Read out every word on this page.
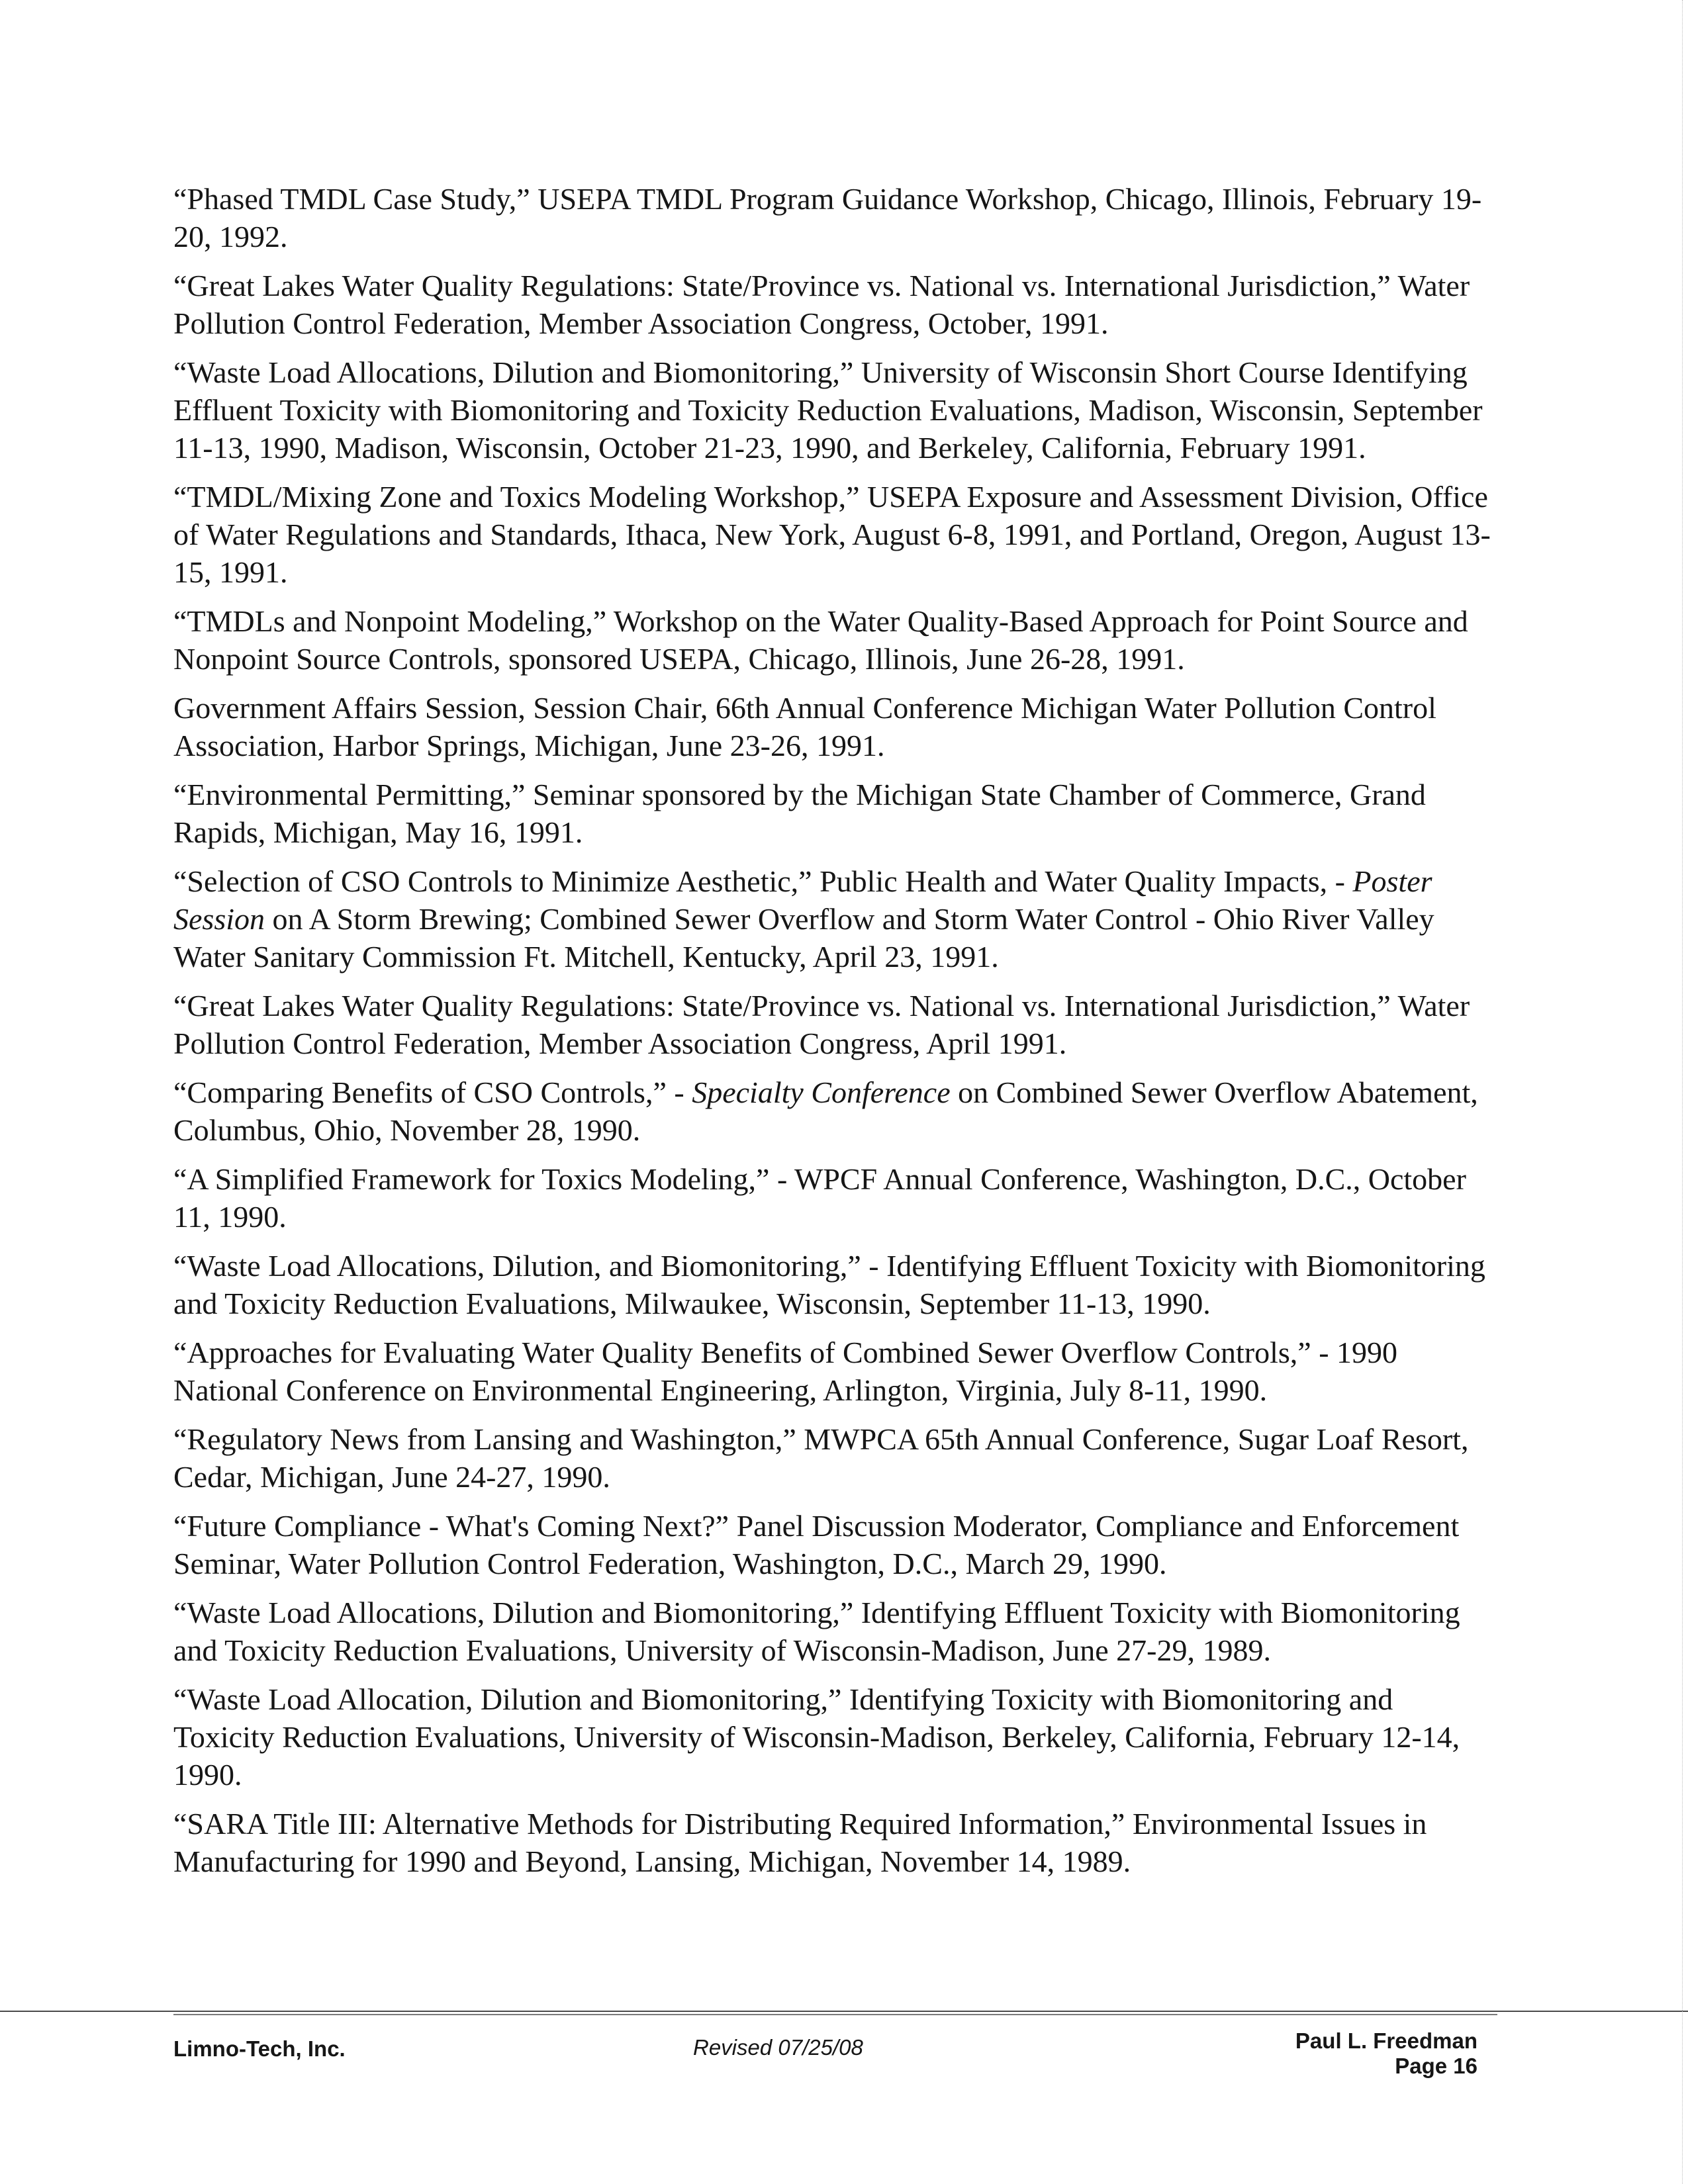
“Phased TMDL Case Study,” USEPA TMDL Program Guidance Workshop, Chicago, Illinois, February 19-20, 1992.
“Great Lakes Water Quality Regulations: State/Province vs. National vs. International Jurisdiction,” Water Pollution Control Federation, Member Association Congress, October, 1991.
“Waste Load Allocations, Dilution and Biomonitoring,” University of Wisconsin Short Course Identifying Effluent Toxicity with Biomonitoring and Toxicity Reduction Evaluations, Madison, Wisconsin, September 11-13, 1990, Madison, Wisconsin, October 21-23, 1990, and Berkeley, California, February 1991.
“TMDL/Mixing Zone and Toxics Modeling Workshop,” USEPA Exposure and Assessment Division, Office of Water Regulations and Standards, Ithaca, New York, August 6-8, 1991, and Portland, Oregon, August 13-15, 1991.
“TMDLs and Nonpoint Modeling,” Workshop on the Water Quality-Based Approach for Point Source and Nonpoint Source Controls, sponsored USEPA, Chicago, Illinois, June 26-28, 1991.
Government Affairs Session, Session Chair, 66th Annual Conference Michigan Water Pollution Control Association, Harbor Springs, Michigan, June 23-26, 1991.
“Environmental Permitting,” Seminar sponsored by the Michigan State Chamber of Commerce, Grand Rapids, Michigan, May 16, 1991.
“Selection of CSO Controls to Minimize Aesthetic,” Public Health and Water Quality Impacts, - Poster Session on A Storm Brewing; Combined Sewer Overflow and Storm Water Control - Ohio River Valley Water Sanitary Commission Ft. Mitchell, Kentucky, April 23, 1991.
“Great Lakes Water Quality Regulations: State/Province vs. National vs. International Jurisdiction,” Water Pollution Control Federation, Member Association Congress, April 1991.
“Comparing Benefits of CSO Controls,” - Specialty Conference on Combined Sewer Overflow Abatement, Columbus, Ohio, November 28, 1990.
“A Simplified Framework for Toxics Modeling,” - WPCF Annual Conference, Washington, D.C., October 11, 1990.
“Waste Load Allocations, Dilution, and Biomonitoring,” - Identifying Effluent Toxicity with Biomonitoring and Toxicity Reduction Evaluations, Milwaukee, Wisconsin, September 11-13, 1990.
“Approaches for Evaluating Water Quality Benefits of Combined Sewer Overflow Controls,” - 1990 National Conference on Environmental Engineering, Arlington, Virginia, July 8-11, 1990.
“Regulatory News from Lansing and Washington,” MWPCA 65th Annual Conference, Sugar Loaf Resort, Cedar, Michigan, June 24-27, 1990.
“Future Compliance - What's Coming Next?” Panel Discussion Moderator, Compliance and Enforcement Seminar, Water Pollution Control Federation, Washington, D.C., March 29, 1990.
“Waste Load Allocations, Dilution and Biomonitoring,” Identifying Effluent Toxicity with Biomonitoring and Toxicity Reduction Evaluations, University of Wisconsin-Madison, June 27-29, 1989.
“Waste Load Allocation, Dilution and Biomonitoring,” Identifying Toxicity with Biomonitoring and Toxicity Reduction Evaluations, University of Wisconsin-Madison, Berkeley, California, February 12-14, 1990.
“SARA Title III: Alternative Methods for Distributing Required Information,” Environmental Issues in Manufacturing for 1990 and Beyond, Lansing, Michigan, November 14, 1989.
Limno-Tech, Inc.	Revised 07/25/08	Paul L. Freedman
Page 16
